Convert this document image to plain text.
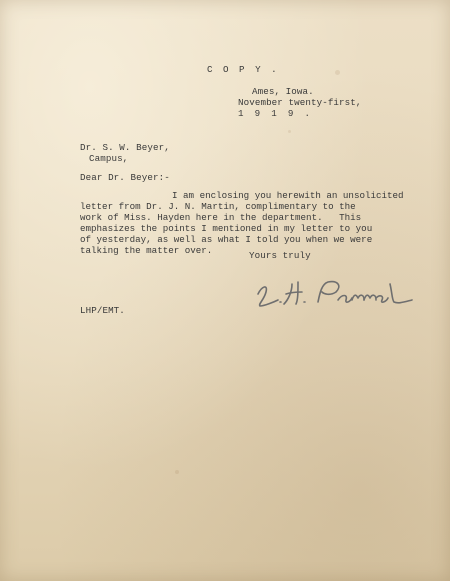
C O P Y .
Ames, Iowa.
November twenty-first,
1 9 1 9 .
Dr. S. W. Beyer,
Campus,
Dear Dr. Beyer:-
I am enclosing you herewith an unsolicited
letter from Dr. J. N. Martin, complimentary to the
work of Miss. Hayden here in the department.   This
emphasizes the points I mentioned in my letter to you
of yesterday, as well as what I told you when we were
talking the matter over.	Yours truly
LHP/EMT.
